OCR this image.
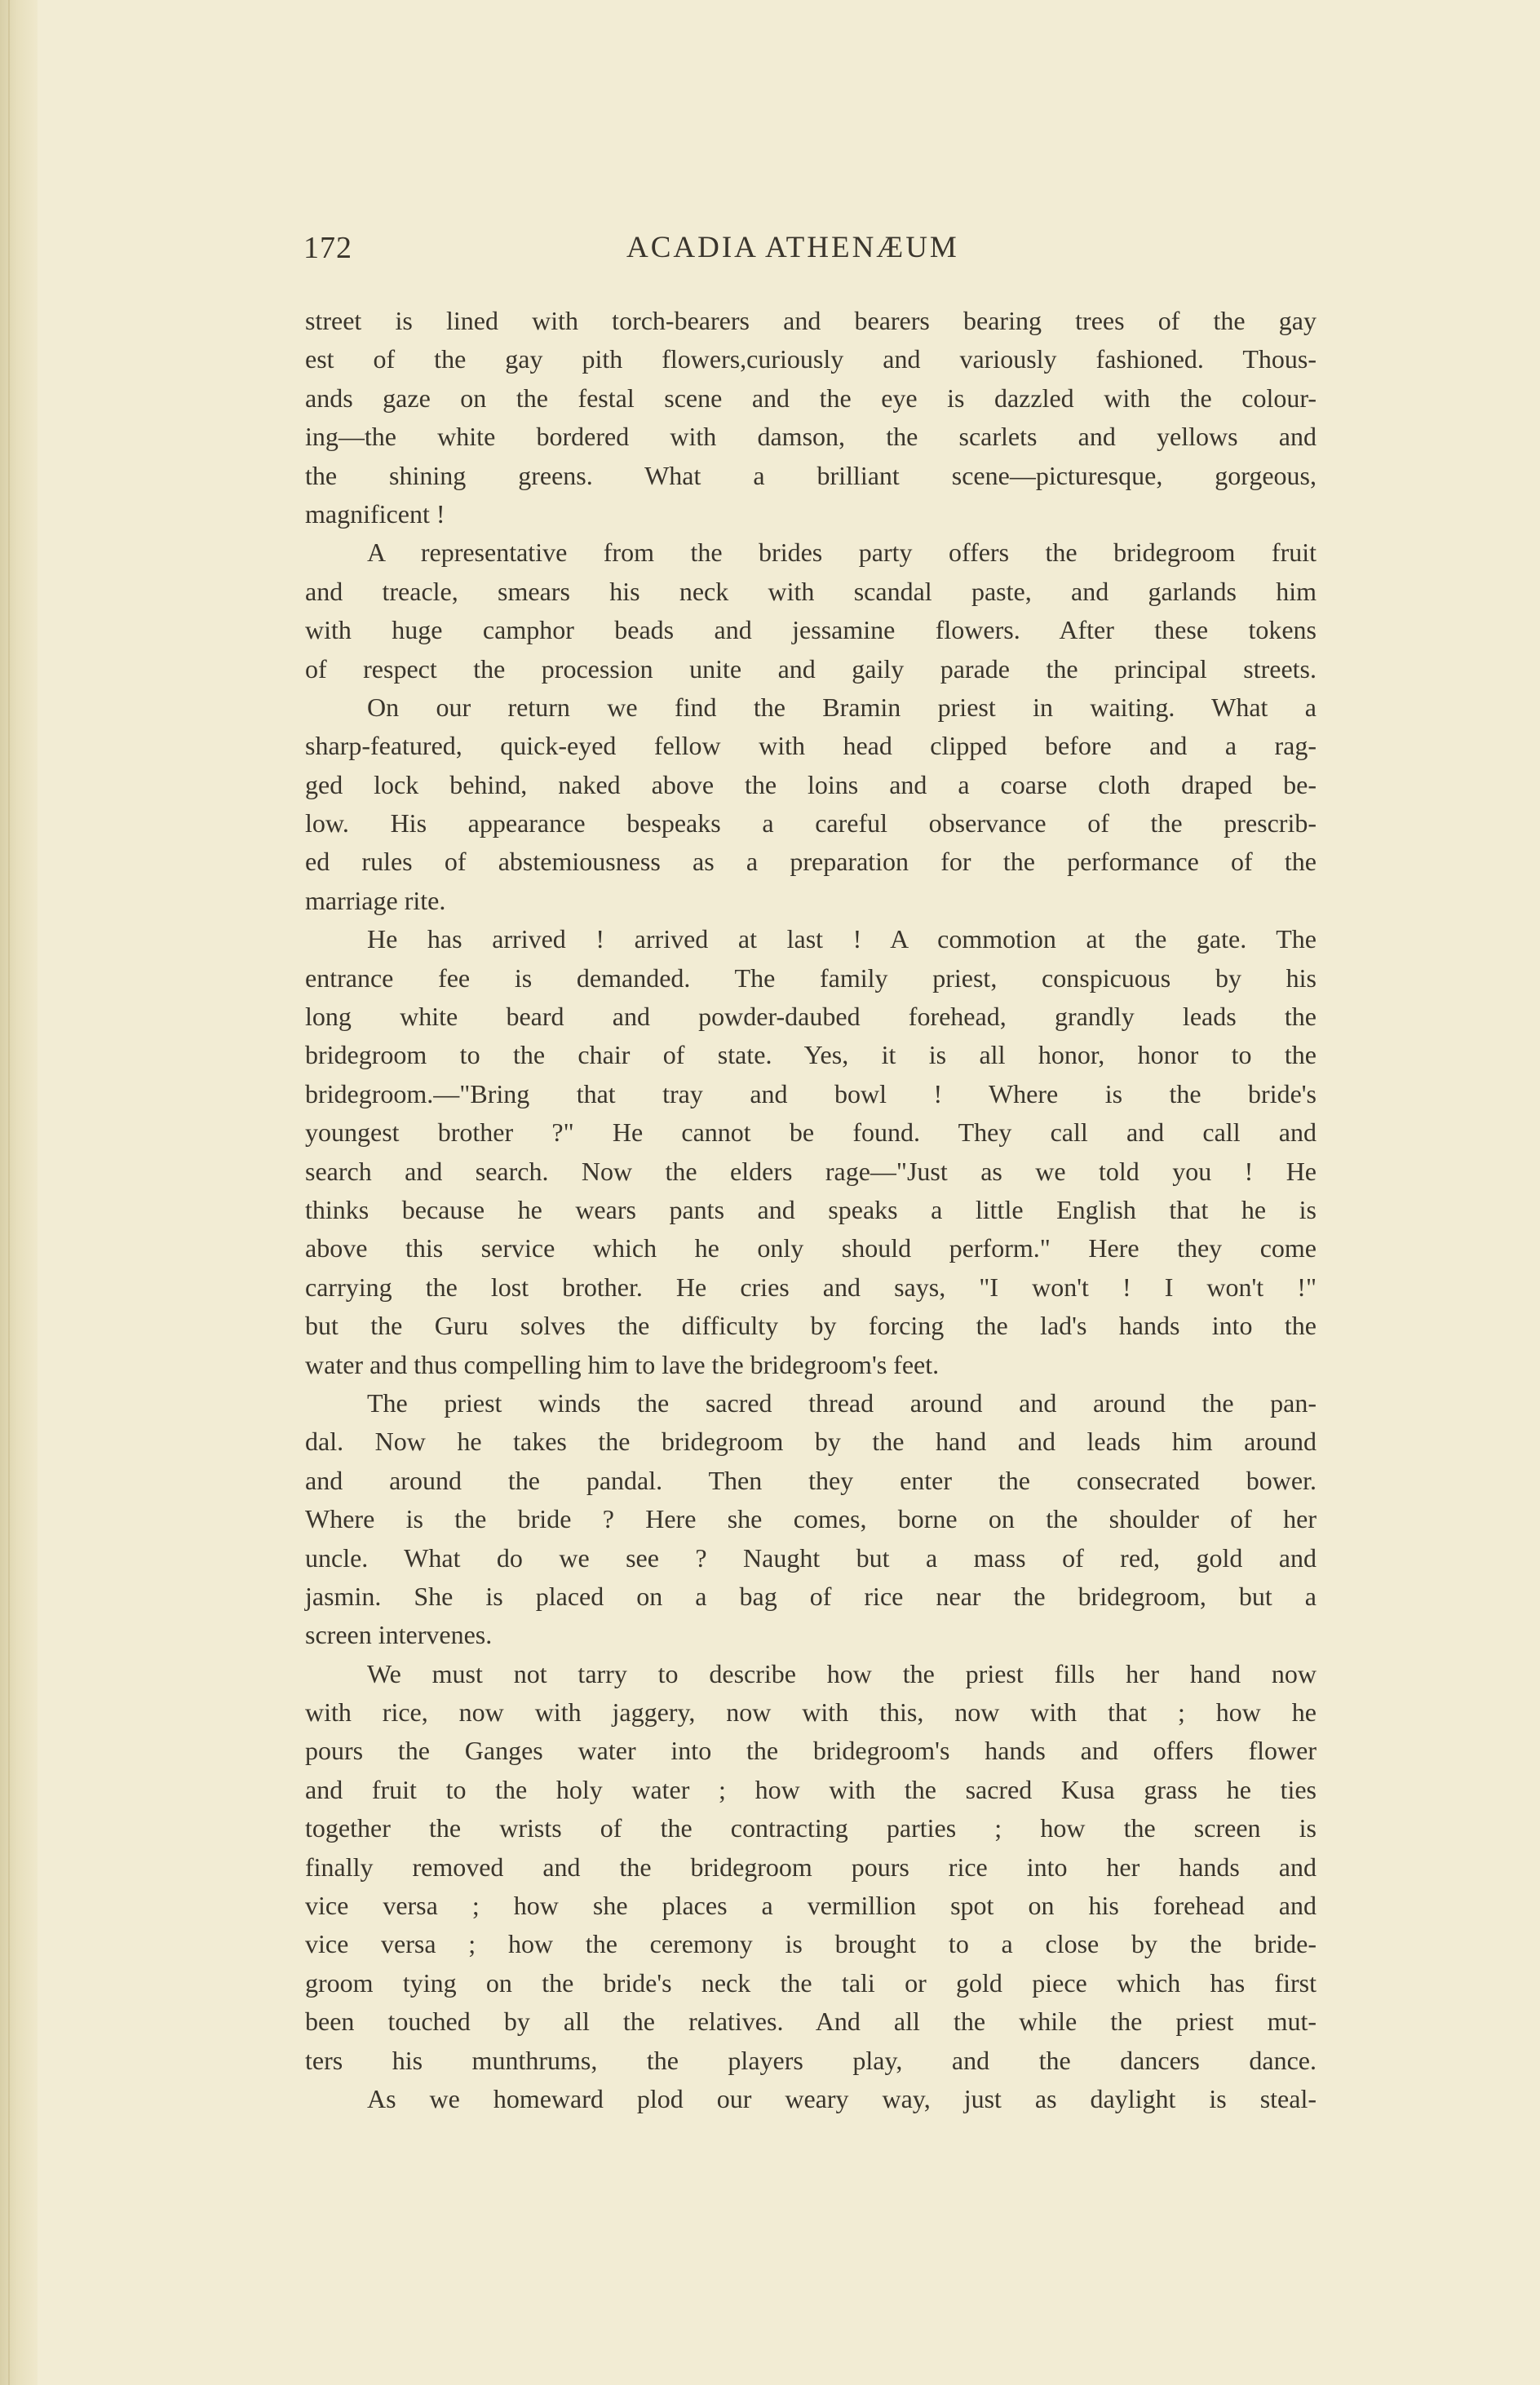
172	ACADIA ATHENÆUM
street is lined with torch-bearers and bearers bearing trees of the gay
est of the gay pith flowers,curiously and variously fashioned. Thous-
ands gaze on the festal scene and the eye is dazzled with the colour-
ing—the white bordered with damson, the scarlets and yellows and
the shining greens. What a brilliant scene—picturesque, gorgeous,
magnificent !
A representative from the brides party offers the bridegroom fruit
and treacle, smears his neck with scandal paste, and garlands him
with huge camphor beads and jessamine flowers. After these tokens
of respect the procession unite and gaily parade the principal streets.
On our return we find the Bramin priest in waiting. What a
sharp-featured, quick-eyed fellow with head clipped before and a rag-
ged lock behind, naked above the loins and a coarse cloth draped be-
low. His appearance bespeaks a careful observance of the prescrib-
ed rules of abstemiousness as a preparation for the performance of the
marriage rite.
He has arrived ! arrived at last ! A commotion at the gate. The
entrance fee is demanded. The family priest, conspicuous by his
long white beard and powder-daubed forehead, grandly leads the
bridegroom to the chair of state. Yes, it is all honor, honor to the
bridegroom.—"Bring that tray and bowl ! Where is the bride's
youngest brother ?" He cannot be found. They call and call and
search and search. Now the elders rage—"Just as we told you ! He
thinks because he wears pants and speaks a little English that he is
above this service which he only should perform." Here they come
carrying the lost brother. He cries and says, "I won't ! I won't !"
but the Guru solves the difficulty by forcing the lad's hands into the
water and thus compelling him to lave the bridegroom's feet.
The priest winds the sacred thread around and around the pan-
dal. Now he takes the bridegroom by the hand and leads him around
and around the pandal. Then they enter the consecrated bower.
Where is the bride ? Here she comes, borne on the shoulder of her
uncle. What do we see ? Naught but a mass of red, gold and
jasmin. She is placed on a bag of rice near the bridegroom, but a
screen intervenes.
We must not tarry to describe how the priest fills her hand now
with rice, now with jaggery, now with this, now with that ; how he
pours the Ganges water into the bridegroom's hands and offers flower
and fruit to the holy water ; how with the sacred Kusa grass he ties
together the wrists of the contracting parties ; how the screen is
finally removed and the bridegroom pours rice into her hands and
vice versa ; how she places a vermillion spot on his forehead and
vice versa ; how the ceremony is brought to a close by the bride-
groom tying on the bride's neck the tali or gold piece which has first
been touched by all the relatives. And all the while the priest mut-
ters his munthrums, the players play, and the dancers dance.
As we homeward plod our weary way, just as daylight is steal-
